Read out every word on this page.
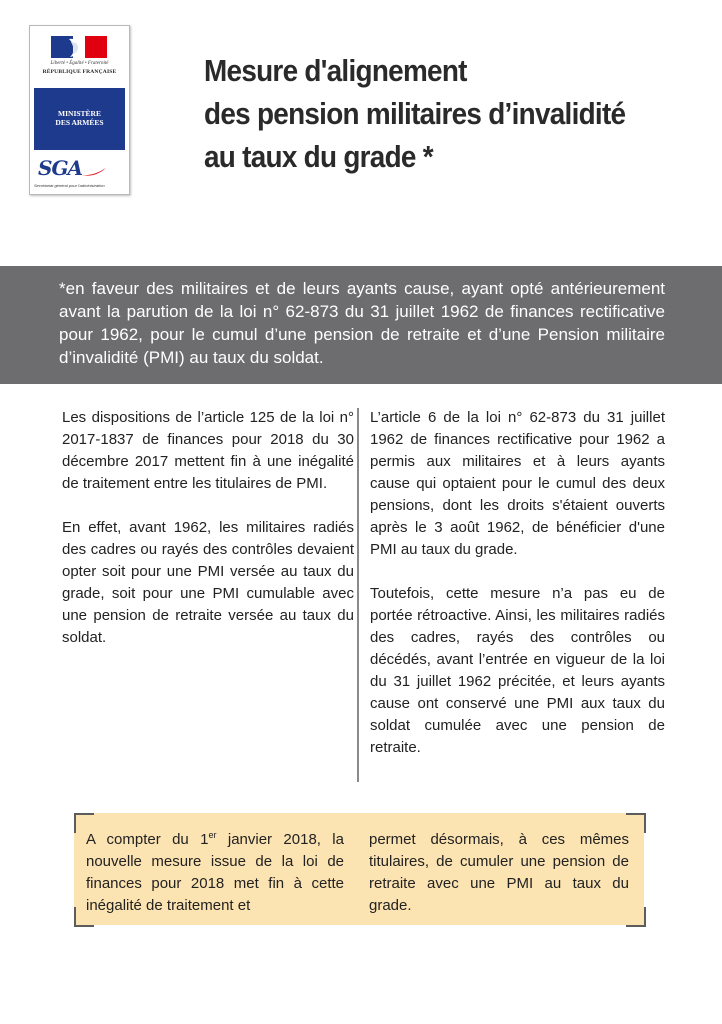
Liberté • Égalité • Fraternité
RÉPUBLIQUE FRANÇAISE
MINISTÈRE
DES ARMÉES
SGA
Secrétariat général pour l'administration
Mesure d'alignement
des pension militaires d’invalidité
au taux du grade *

*en faveur des militaires et de leurs ayants cause, ayant opté antérieurement avant la parution de la loi n° 62-873 du 31 juillet 1962 de finances rectificative pour 1962, pour le cumul d’une pension de retraite et d’une Pension militaire d’invalidité (PMI) au taux du soldat.

Les dispositions de l’article 125 de la loi n° 2017-1837 de finances pour 2018 du 30 décembre 2017 mettent fin à une inégalité de traitement entre les titulaires de PMI.

En effet, avant 1962, les militaires radiés des cadres ou rayés des contrôles devaient opter soit pour une PMI versée au taux du grade, soit pour une PMI cumulable avec une pension de retraite versée au taux du soldat.

L’article 6 de la loi n° 62-873 du 31 juillet 1962 de finances rectificative pour 1962 a permis aux militaires et à leurs ayants cause qui optaient pour le cumul des deux pensions, dont les droits s'étaient ouverts après le 3 août 1962, de bénéficier d'une PMI au taux du grade.

Toutefois, cette mesure n’a pas eu de portée rétroactive. Ainsi, les militaires radiés des cadres, rayés des contrôles ou décédés, avant l’entrée en vigueur de la loi du 31 juillet 1962 précitée, et leurs ayants cause ont conservé une PMI aux taux du soldat cumulée avec une pension de retraite.

A compter du 1er janvier 2018, la nouvelle mesure issue de la loi de finances pour 2018 met fin à cette inégalité de traitement et
permet désormais, à ces mêmes titulaires, de cumuler une pension de retraite avec une PMI au taux du grade.
